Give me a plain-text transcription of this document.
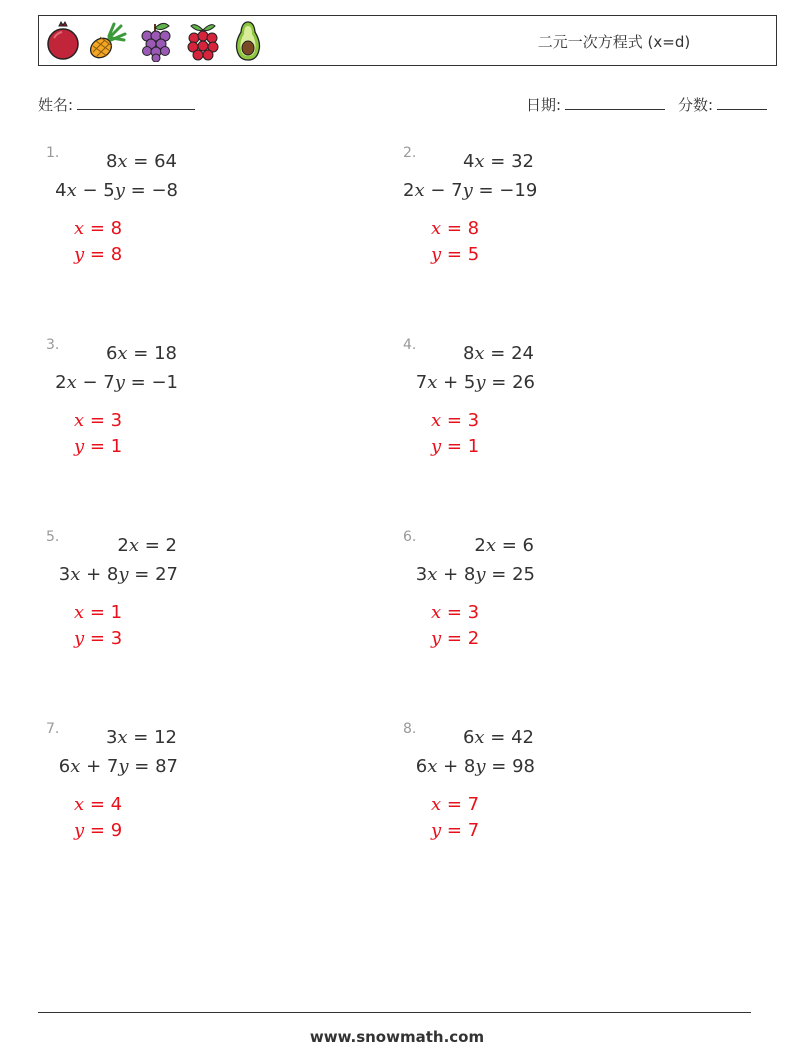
二元一次方程式 (x=d)
姓名:	日期:	分数:
1.	8x = 64
4x − 5y = −8
x = 8
y = 8
2.	4x = 32
2x − 7y = −19
x = 8
y = 5
3.	6x = 18
2x − 7y = −1
x = 3
y = 1
4.	8x = 24
7x + 5y = 26
x = 3
y = 1
5.	2x = 2
3x + 8y = 27
x = 1
y = 3
6.	2x = 6
3x + 8y = 25
x = 3
y = 2
7.	3x = 12
6x + 7y = 87
x = 4
y = 9
8.	6x = 42
6x + 8y = 98
x = 7
y = 7
www.snowmath.com
